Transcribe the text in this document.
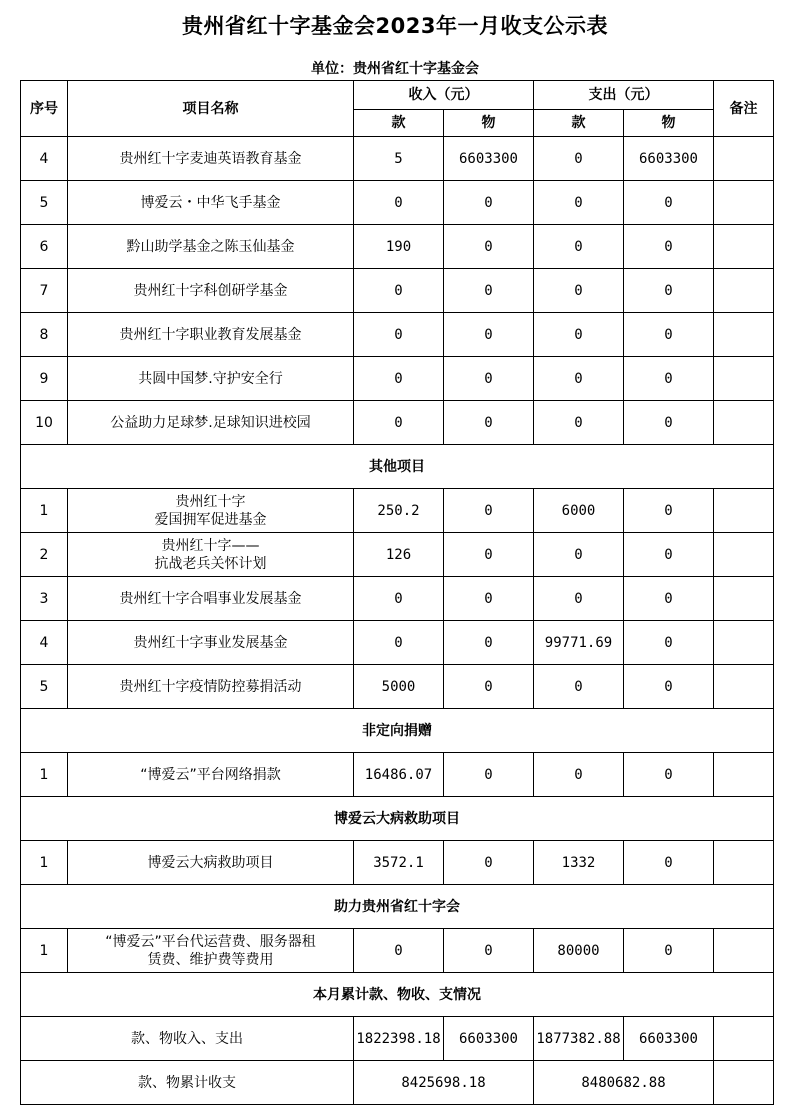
贵州省红十字基金会2023年一月收支公示表
单位：贵州省红十字基金会
序号	项目名称	收入（元）		支出（元）		备注
		款	物	款	物	
4	贵州红十字麦迪英语教育基金	5	6603300	0	6603300	
5	博爱云・中华飞手基金	0	0	0	0	
6	黔山助学基金之陈玉仙基金	190	0	0	0	
7	贵州红十字科创研学基金	0	0	0	0	
8	贵州红十字职业教育发展基金	0	0	0	0	
9	共圆中国梦.守护安全行	0	0	0	0	
10	公益助力足球梦.足球知识进校园	0	0	0	0	
其他项目						
1	贵州红十字
爱国拥军促进基金	250.2	0	6000	0	
2	贵州红十字——
抗战老兵关怀计划	126	0	0	0	
3	贵州红十字合唱事业发展基金	0	0	0	0	
4	贵州红十字事业发展基金	0	0	99771.69	0	
5	贵州红十字疫情防控募捐活动	5000	0	0	0	
非定向捐赠						
1	“博爱云”平台网络捐款	16486.07	0	0	0	
博爱云大病救助项目						
1	博爱云大病救助项目	3572.1	0	1332	0	
助力贵州省红十字会						
1	“博爱云”平台代运营费、服务器租
赁费、维护费等费用	0	0	80000	0	
本月累计款、物收、支情况						
款、物收入、支出		1822398.18	6603300	1877382.88	6603300	
款、物累计收支		8425698.18		8480682.88		
